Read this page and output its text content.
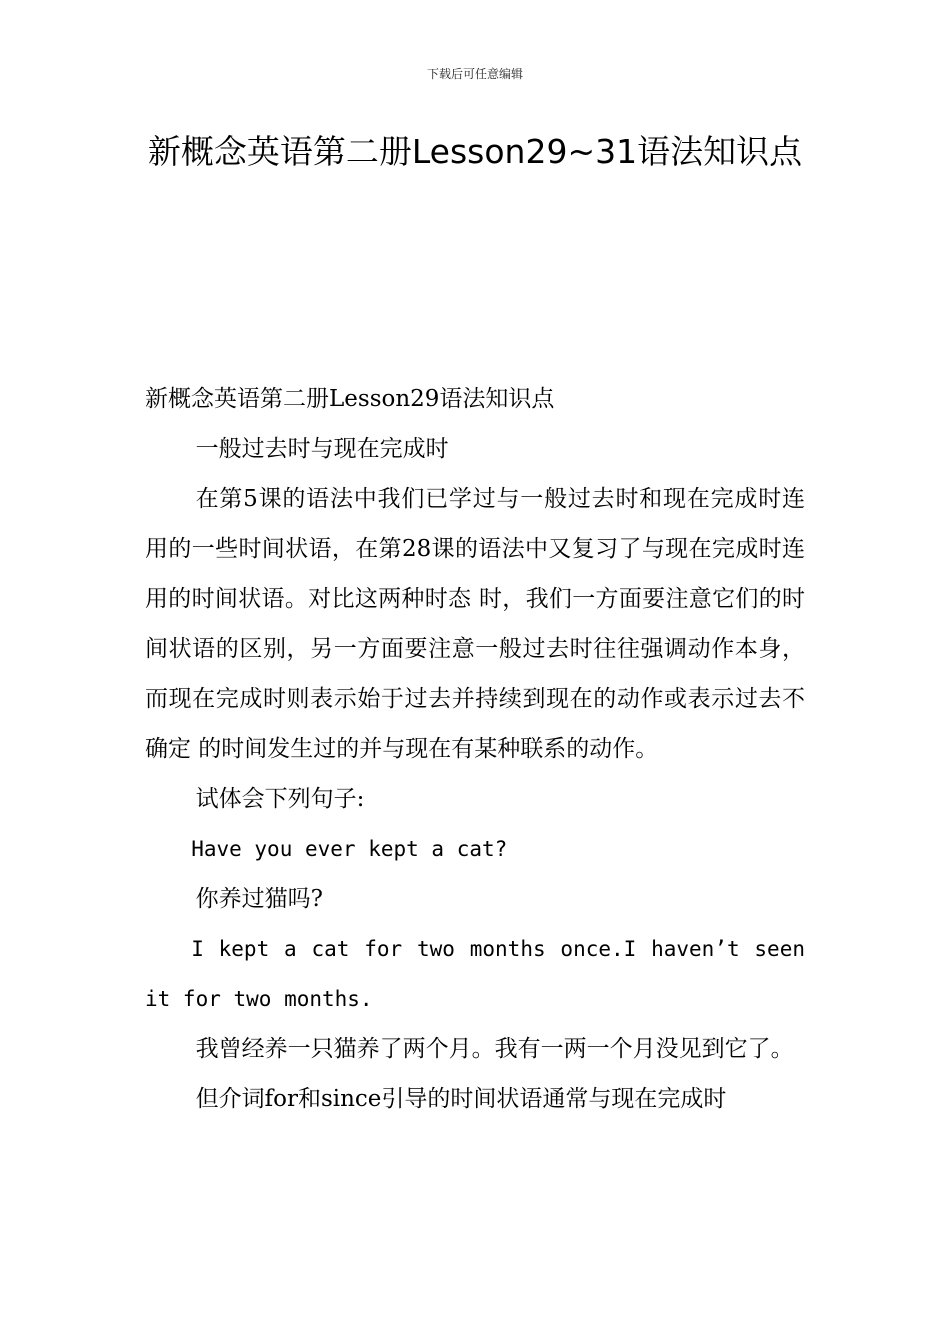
下载后可任意编辑
新概念英语第二册Lesson29~31语法知识点

新概念英语第二册Lesson29语法知识点

一般过去时与现在完成时

在第5课的语法中我们已学过与一般过去时和现在完成时连用的一些时间状语，在第28课的语法中又复习了与现在完成时连用的时间状语。对比这两种时态 时，我们一方面要注意它们的时间状语的区别，另一方面要注意一般过去时往往强调动作本身，而现在完成时则表示始于过去并持续到现在的动作或表示过去不确定 的时间发生过的并与现在有某种联系的动作。

试体会下列句子:

Have you ever kept a cat?

你养过猫吗?

I kept a cat for two months once.I haven’t seen it for two months.

我曾经养一只猫养了两个月。我有一两一个月没见到它了。

但介词for和since引导的时间状语通常与现在完成时
